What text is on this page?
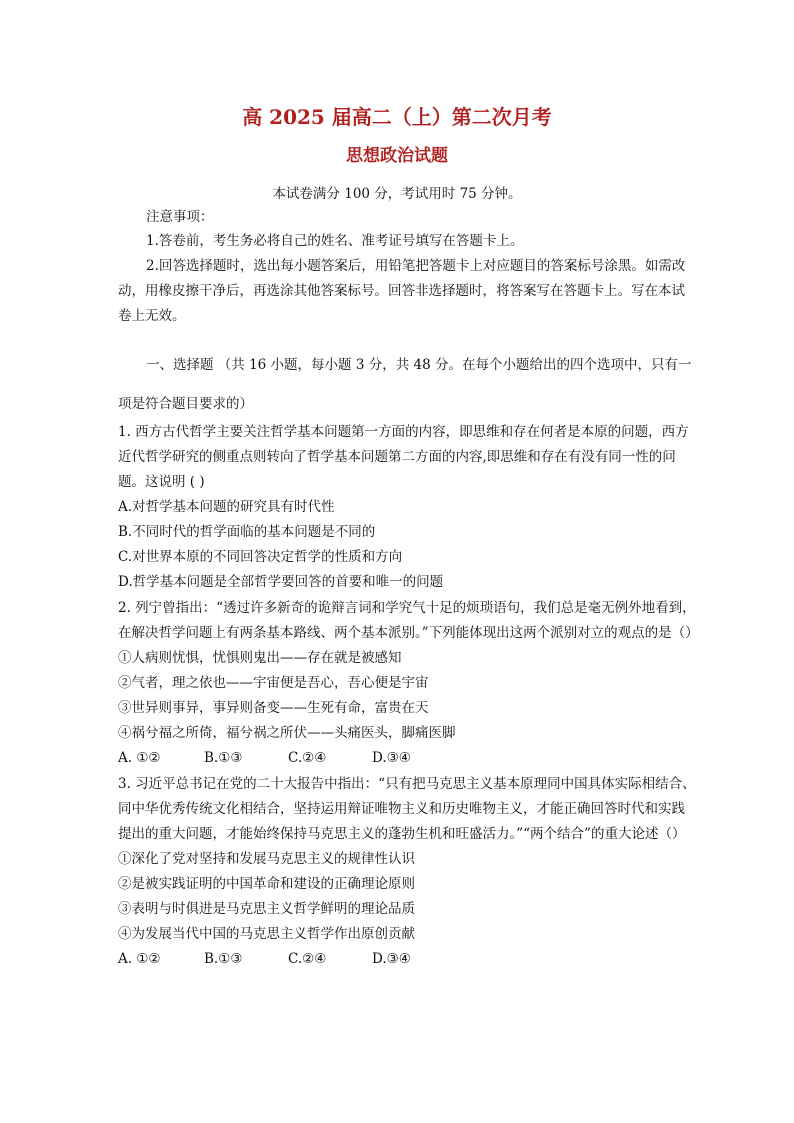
高 2025 届高二（上）第二次月考
思想政治试题
本试卷满分 100 分，考试用时 75 分钟。

注意事项：

1.答卷前，考生务必将自己的姓名、准考证号填写在答题卡上。

2.回答选择题时，选出每小题答案后，用铅笔把答题卡上对应题目的答案标号涂黑。如需改动，用橡皮擦干净后，再选涂其他答案标号。回答非选择题时，将答案写在答题卡上。写在本试卷上无效。

一、选择题 （共 16 小题，每小题 3 分，共 48 分。在每个小题给出的四个选项中，只有一项是符合题目要求的）

1. 西方古代哲学主要关注哲学基本问题第一方面的内容，即思维和存在何者是本原的问题，西方近代哲学研究的侧重点则转向了哲学基本问题第二方面的内容,即思维和存在有没有同一性的问题。这说明 ( )
A.对哲学基本问题的研究具有时代性
B.不同时代的哲学面临的基本问题是不同的
C.对世界本原的不同回答决定哲学的性质和方向
D.哲学基本问题是全部哲学要回答的首要和唯一的问题
2. 列宁曾指出：“透过许多新奇的诡辩言词和学究气十足的烦琐语句，我们总是毫无例外地看到，在解决哲学问题上有两条基本路线、两个基本派别。”下列能体现出这两个派别对立的观点的是（）
①人病则忧惧，忧惧则鬼出——存在就是被感知
②气者，理之依也——宇宙便是吾心，吾心便是宇宙
③世异则事异，事异则备变——生死有命，富贵在天
④祸兮福之所倚，福兮祸之所伏——头痛医头，脚痛医脚
A. ①②	B.①③	C.②④	D.③④
3. 习近平总书记在党的二十大报告中指出：“只有把马克思主义基本原理同中国具体实际相结合、同中华优秀传统文化相结合，坚持运用辩证唯物主义和历史唯物主义，才能正确回答时代和实践提出的重大问题，才能始终保持马克思主义的蓬勃生机和旺盛活力。”“两个结合”的重大论述（）
①深化了党对坚持和发展马克思主义的规律性认识
②是被实践证明的中国革命和建设的正确理论原则
③表明与时俱进是马克思主义哲学鲜明的理论品质
④为发展当代中国的马克思主义哲学作出原创贡献
A. ①②	B.①③	C.②④	D.③④
